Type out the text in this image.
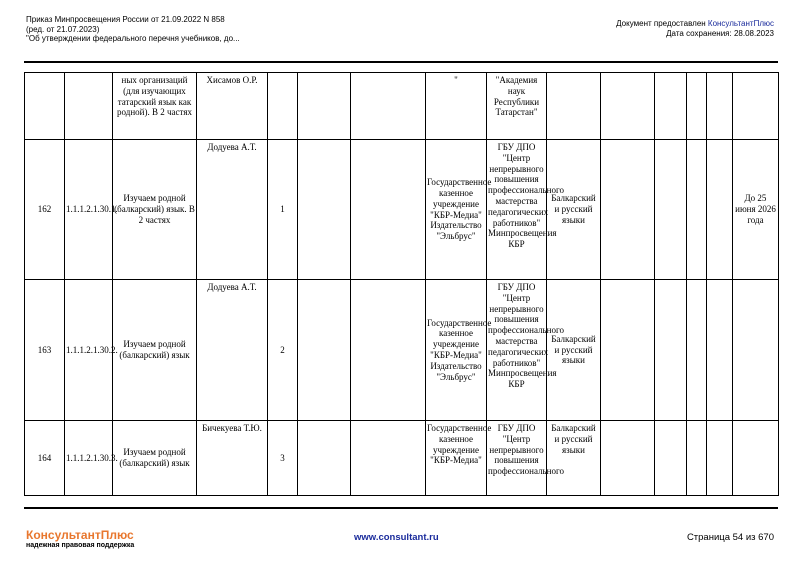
Приказ Минпросвещения России от 21.09.2022 N 858
(ред. от 21.07.2023)
"Об утверждении федерального перечня учебников, до...
Документ предоставлен КонсультантПлюс
Дата сохранения: 28.08.2023
		ных организаций (для изучающих татарский язык как родной). В 2 частях	Хисамов О.Р.				"	"Академия наук Республики Татарстан"						
162	1.1.1.2.1.30.1.	Изучаем родной (балкарский) язык. В 2 частях	Додуева А.Т.	1			Государственное казенное учреждение "КБР-Медиа" Издательство "Эльбрус"	ГБУ ДПО "Центр непрерывного повышения профессионального мастерства педагогических работников" Минпросвещения КБР	Балкарский и русский языки					До 25 июня 2026 года
163	1.1.1.2.1.30.2.	Изучаем родной (балкарский) язык	Додуева А.Т.	2			Государственное казенное учреждение "КБР-Медиа" Издательство "Эльбрус"	ГБУ ДПО "Центр непрерывного повышения профессионального мастерства педагогических работников" Минпросвещения КБР	Балкарский и русский языки					
164	1.1.1.2.1.30.3.	Изучаем родной (балкарский) язык	Бичекуева Т.Ю.	3			Государственное казенное учреждение "КБР-Медиа"	ГБУ ДПО "Центр непрерывного повышения профессионального	Балкарский и русский языки					
КонсультантПлюс
надежная правовая поддержка
www.consultant.ru	Страница 54 из 670
